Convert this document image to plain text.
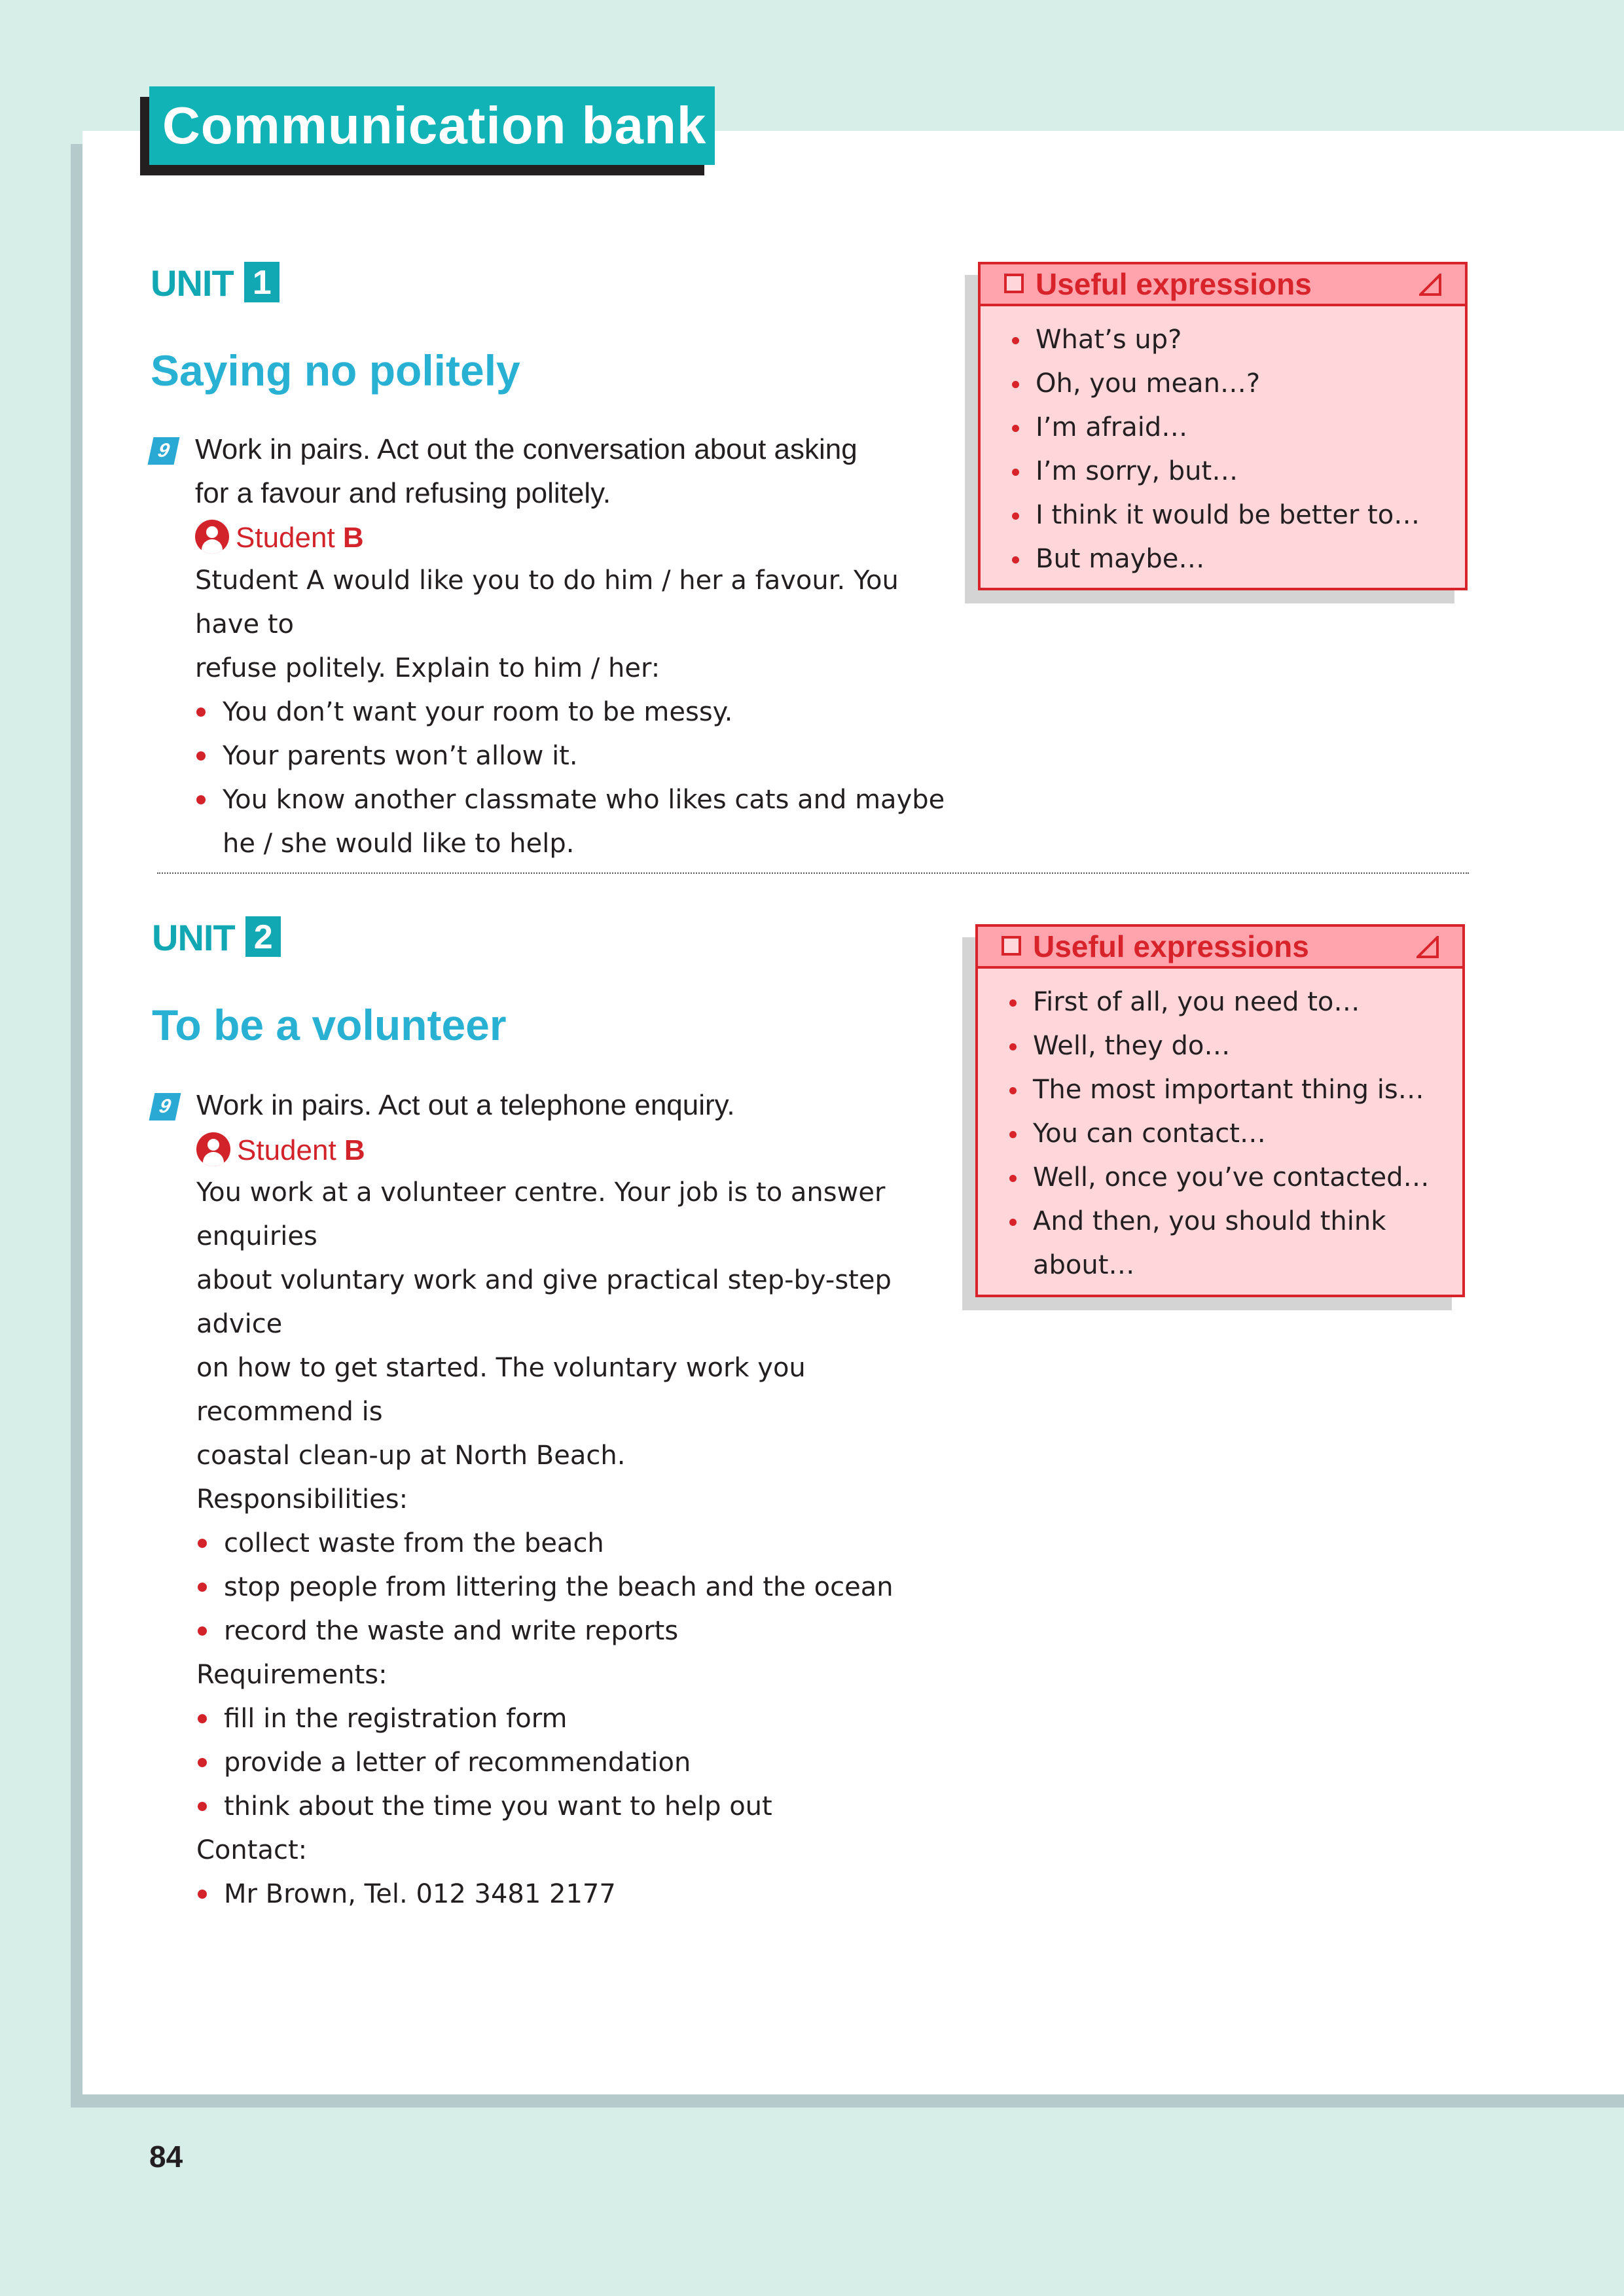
Communication bank
UNIT 1
Saying no politely
9 Work in pairs. Act out the conversation about asking
for a favour and refusing politely.
Student B

Student A would like you to do him / her a favour. You have to

refuse politely. Explain to him / her:

You don’t want your room to be messy.
Your parents won’t allow it.
You know another classmate who likes cats and maybe

he / she would like to help.

Useful expressions
What’s up?
Oh, you mean…?
I’m afraid…
I’m sorry, but…
I think it would be better to…
But maybe…
UNIT 2
To be a volunteer
9 Work in pairs. Act out a telephone enquiry.
Student B

You work at a volunteer centre. Your job is to answer enquiries

about voluntary work and give practical step-by-step advice

on how to get started. The voluntary work you recommend is

coastal clean-up at North Beach.

Responsibilities:

collect waste from the beach
stop people from littering the beach and the ocean
record the waste and write reports

Requirements:

fill in the registration form
provide a letter of recommendation
think about the time you want to help out

Contact:

Mr Brown, Tel. 012 3481 2177
Useful expressions
First of all, you need to…
Well, they do…
The most important thing is…
You can contact…
Well, once you’ve contacted…
And then, you should think
about…
84
